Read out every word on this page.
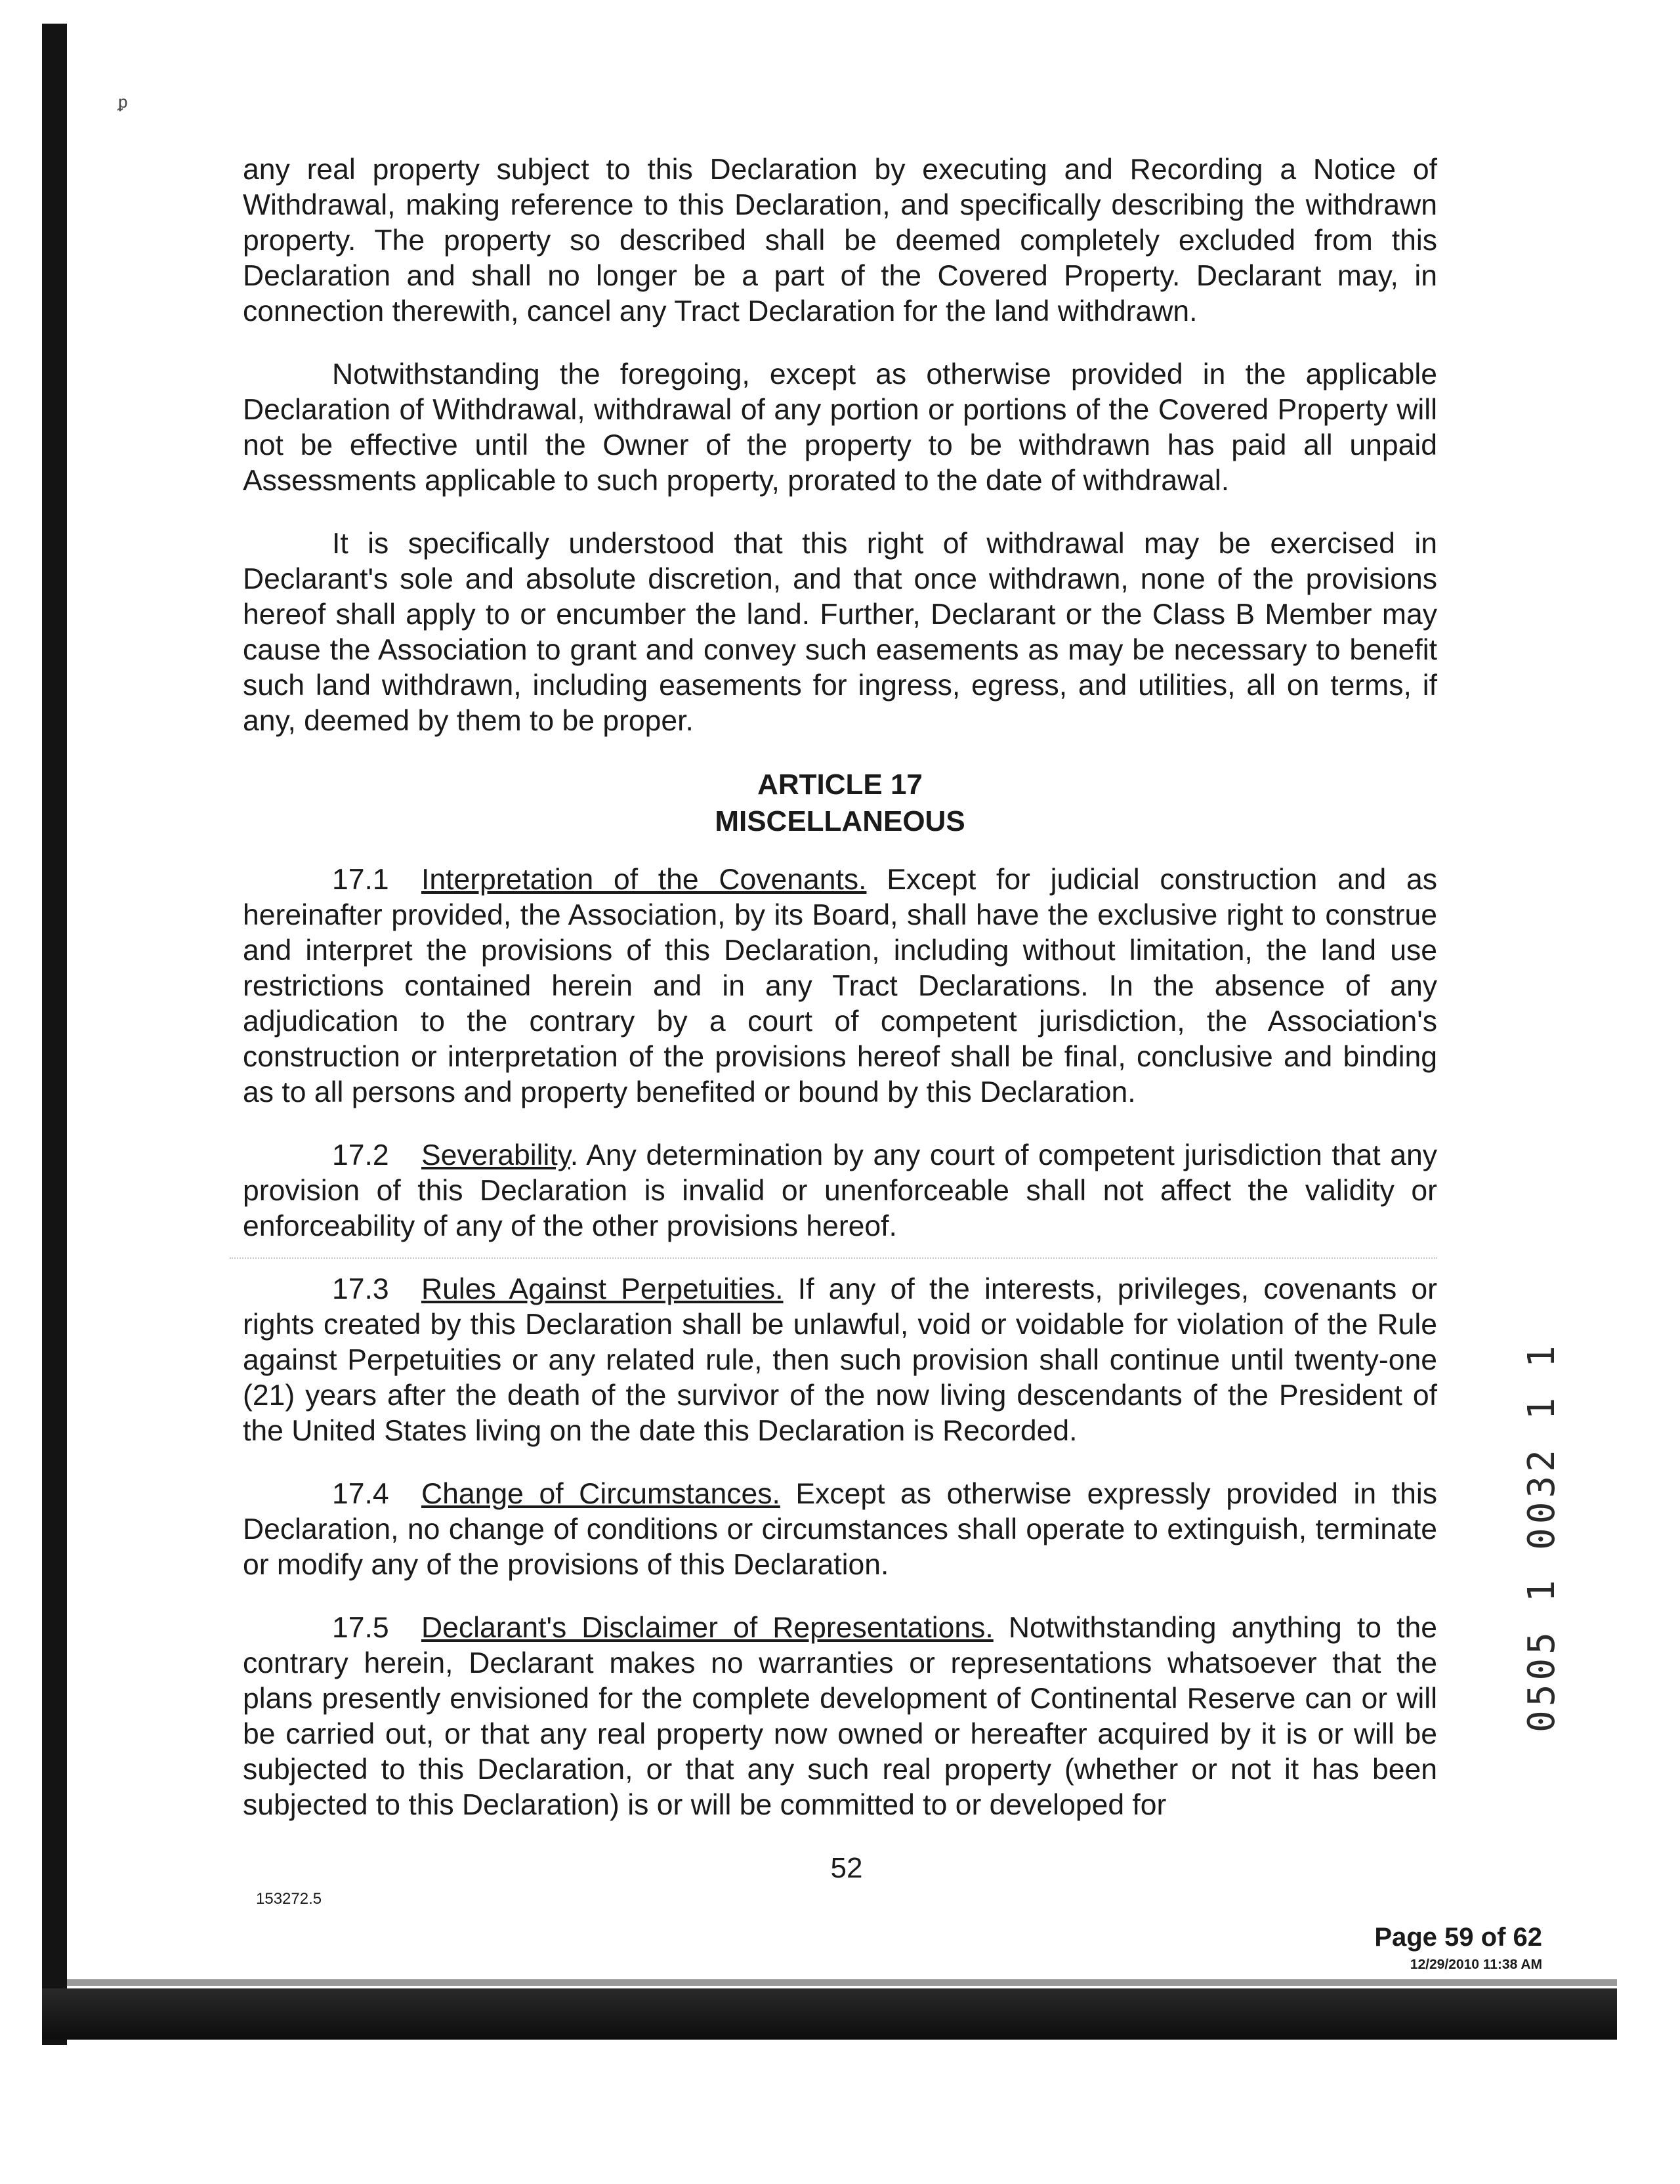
ᵱ

any real property subject to this Declaration by executing and Recording a Notice of Withdrawal, making reference to this Declaration, and specifically describing the withdrawn property. The property so described shall be deemed completely excluded from this Declaration and shall no longer be a part of the Covered Property. Declarant may, in connection therewith, cancel any Tract Declaration for the land withdrawn.

Notwithstanding the foregoing, except as otherwise provided in the applicable Declaration of Withdrawal, withdrawal of any portion or portions of the Covered Property will not be effective until the Owner of the property to be withdrawn has paid all unpaid Assessments applicable to such property, prorated to the date of withdrawal.

It is specifically understood that this right of withdrawal may be exercised in Declarant's sole and absolute discretion, and that once withdrawn, none of the provisions hereof shall apply to or encumber the land. Further, Declarant or the Class B Member may cause the Association to grant and convey such easements as may be necessary to benefit such land withdrawn, including easements for ingress, egress, and utilities, all on terms, if any, deemed by them to be proper.

ARTICLE 17
MISCELLANEOUS

17.1 Interpretation of the Covenants. Except for judicial construction and as hereinafter provided, the Association, by its Board, shall have the exclusive right to construe and interpret the provisions of this Declaration, including without limitation, the land use restrictions contained herein and in any Tract Declarations. In the absence of any adjudication to the contrary by a court of competent jurisdiction, the Association's construction or interpretation of the provisions hereof shall be final, conclusive and binding as to all persons and property benefited or bound by this Declaration.

17.2 Severability. Any determination by any court of competent jurisdiction that any provision of this Declaration is invalid or unenforceable shall not affect the validity or enforceability of any of the other provisions hereof.

17.3 Rules Against Perpetuities. If any of the interests, privileges, covenants or rights created by this Declaration shall be unlawful, void or voidable for violation of the Rule against Perpetuities or any related rule, then such provision shall continue until twenty-one (21) years after the death of the survivor of the now living descendants of the President of the United States living on the date this Declaration is Recorded.

17.4 Change of Circumstances. Except as otherwise expressly provided in this Declaration, no change of conditions or circumstances shall operate to extinguish, terminate or modify any of the provisions of this Declaration.

17.5 Declarant's Disclaimer of Representations. Notwithstanding anything to the contrary herein, Declarant makes no warranties or representations whatsoever that the plans presently envisioned for the complete development of Continental Reserve can or will be carried out, or that any real property now owned or hereafter acquired by it is or will be subjected to this Declaration, or that any such real property (whether or not it has been subjected to this Declaration) is or will be committed to or developed for

52
153272.5
0505 1 0032 1 1
Page 59 of 62
12/29/2010 11:38 AM
